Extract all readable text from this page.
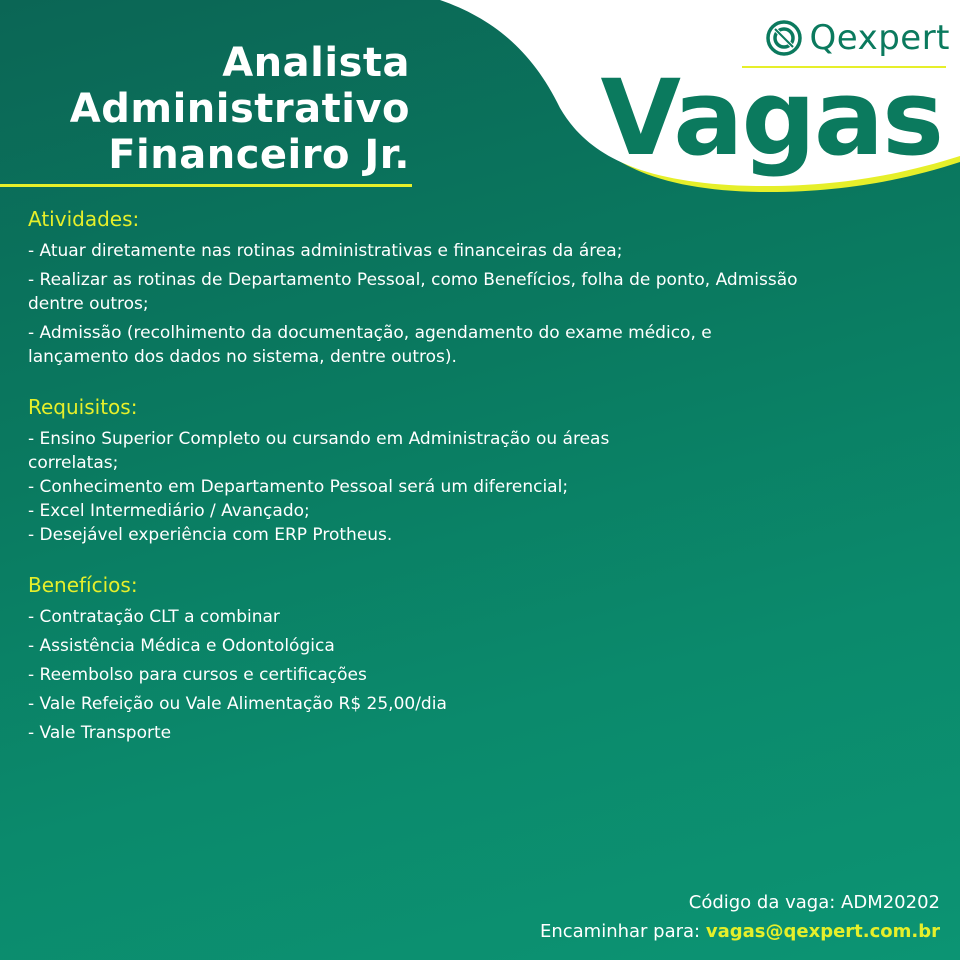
Analista
Administrativo
Financeiro Jr.
Qexpert
Vagas
Atividades:

- Atuar diretamente nas rotinas administrativas e financeiras da área;

- Realizar as rotinas de Departamento Pessoal, como Benefícios, folha de ponto, Admissão

dentre outros;

- Admissão (recolhimento da documentação, agendamento do exame médico, e

lançamento dos dados no sistema, dentre outros).

Requisitos:

- Ensino Superior Completo ou cursando em Administração ou áreas

correlatas;

- Conhecimento em Departamento Pessoal será um diferencial;

- Excel Intermediário / Avançado;

- Desejável experiência com ERP Protheus.

Benefícios:

- Contratação CLT a combinar

- Assistência Médica e Odontológica

- Reembolso para cursos e certificações

- Vale Refeição ou Vale Alimentação R$ 25,00/dia

- Vale Transporte

Código da vaga: ADM20202
Encaminhar para: vagas@qexpert.com.br
